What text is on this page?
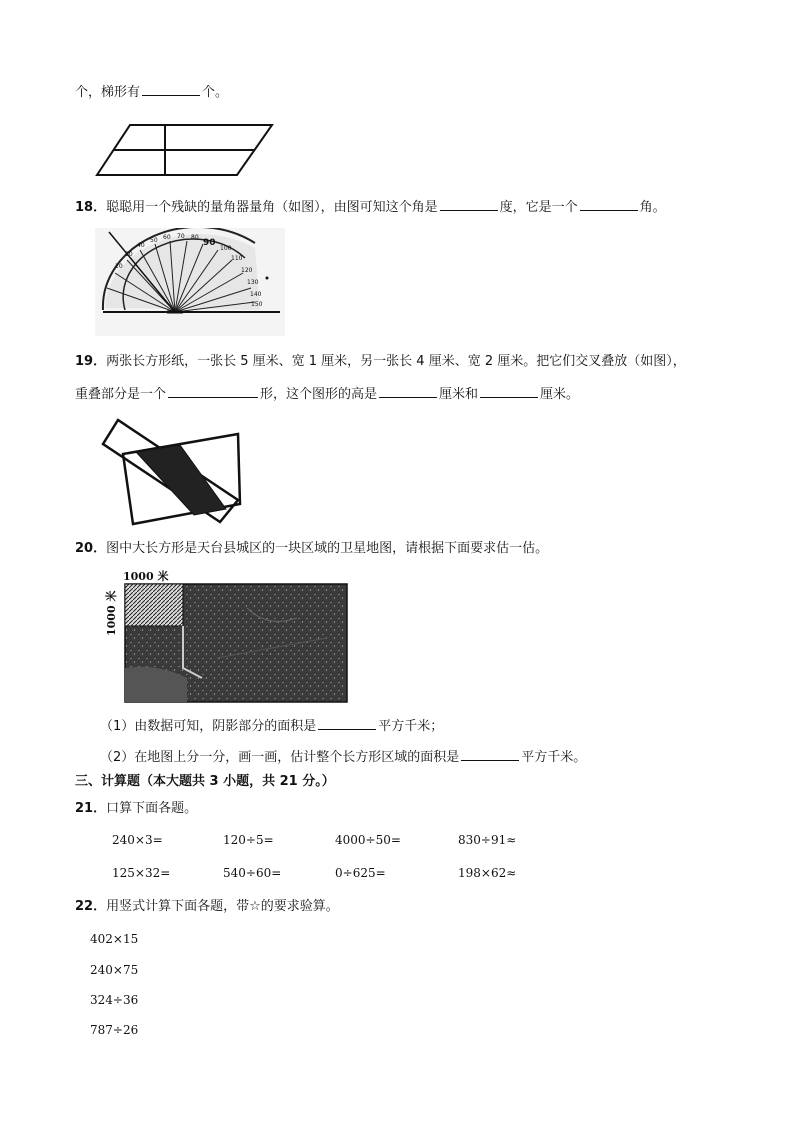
个，梯形有	个。
18．聪聪用一个残缺的量角器量角（如图），由图可知这个角是	度，它是一个	角。
20
30
40
50 60 70 80
90
100
110
120
130
140
150
19．两张长方形纸，一张长 5 厘米、宽 1 厘米，另一张长 4 厘米、宽 2 厘米。把它们交叉叠放（如图），
重叠部分是一个	形，这个图形的高是	厘米和	厘米。
20．图中大长方形是天台县城区的一块区域的卫星地图，请根据下面要求估一估。
1000 米
1000 米
（1）由数据可知，阴影部分的面积是	平方千米；
（2）在地图上分一分，画一画，估计整个长方形区域的面积是	平方千米。
三、计算题（本大题共 3 小题，共 21 分。）
21．口算下面各题。
240×3=	120÷5=	4000÷50=	830÷91≈
125×32=	540÷60=	0÷625=	198×62≈
22．用竖式计算下面各题，带☆的要求验算。
402×15
240×75
324÷36
787÷26
